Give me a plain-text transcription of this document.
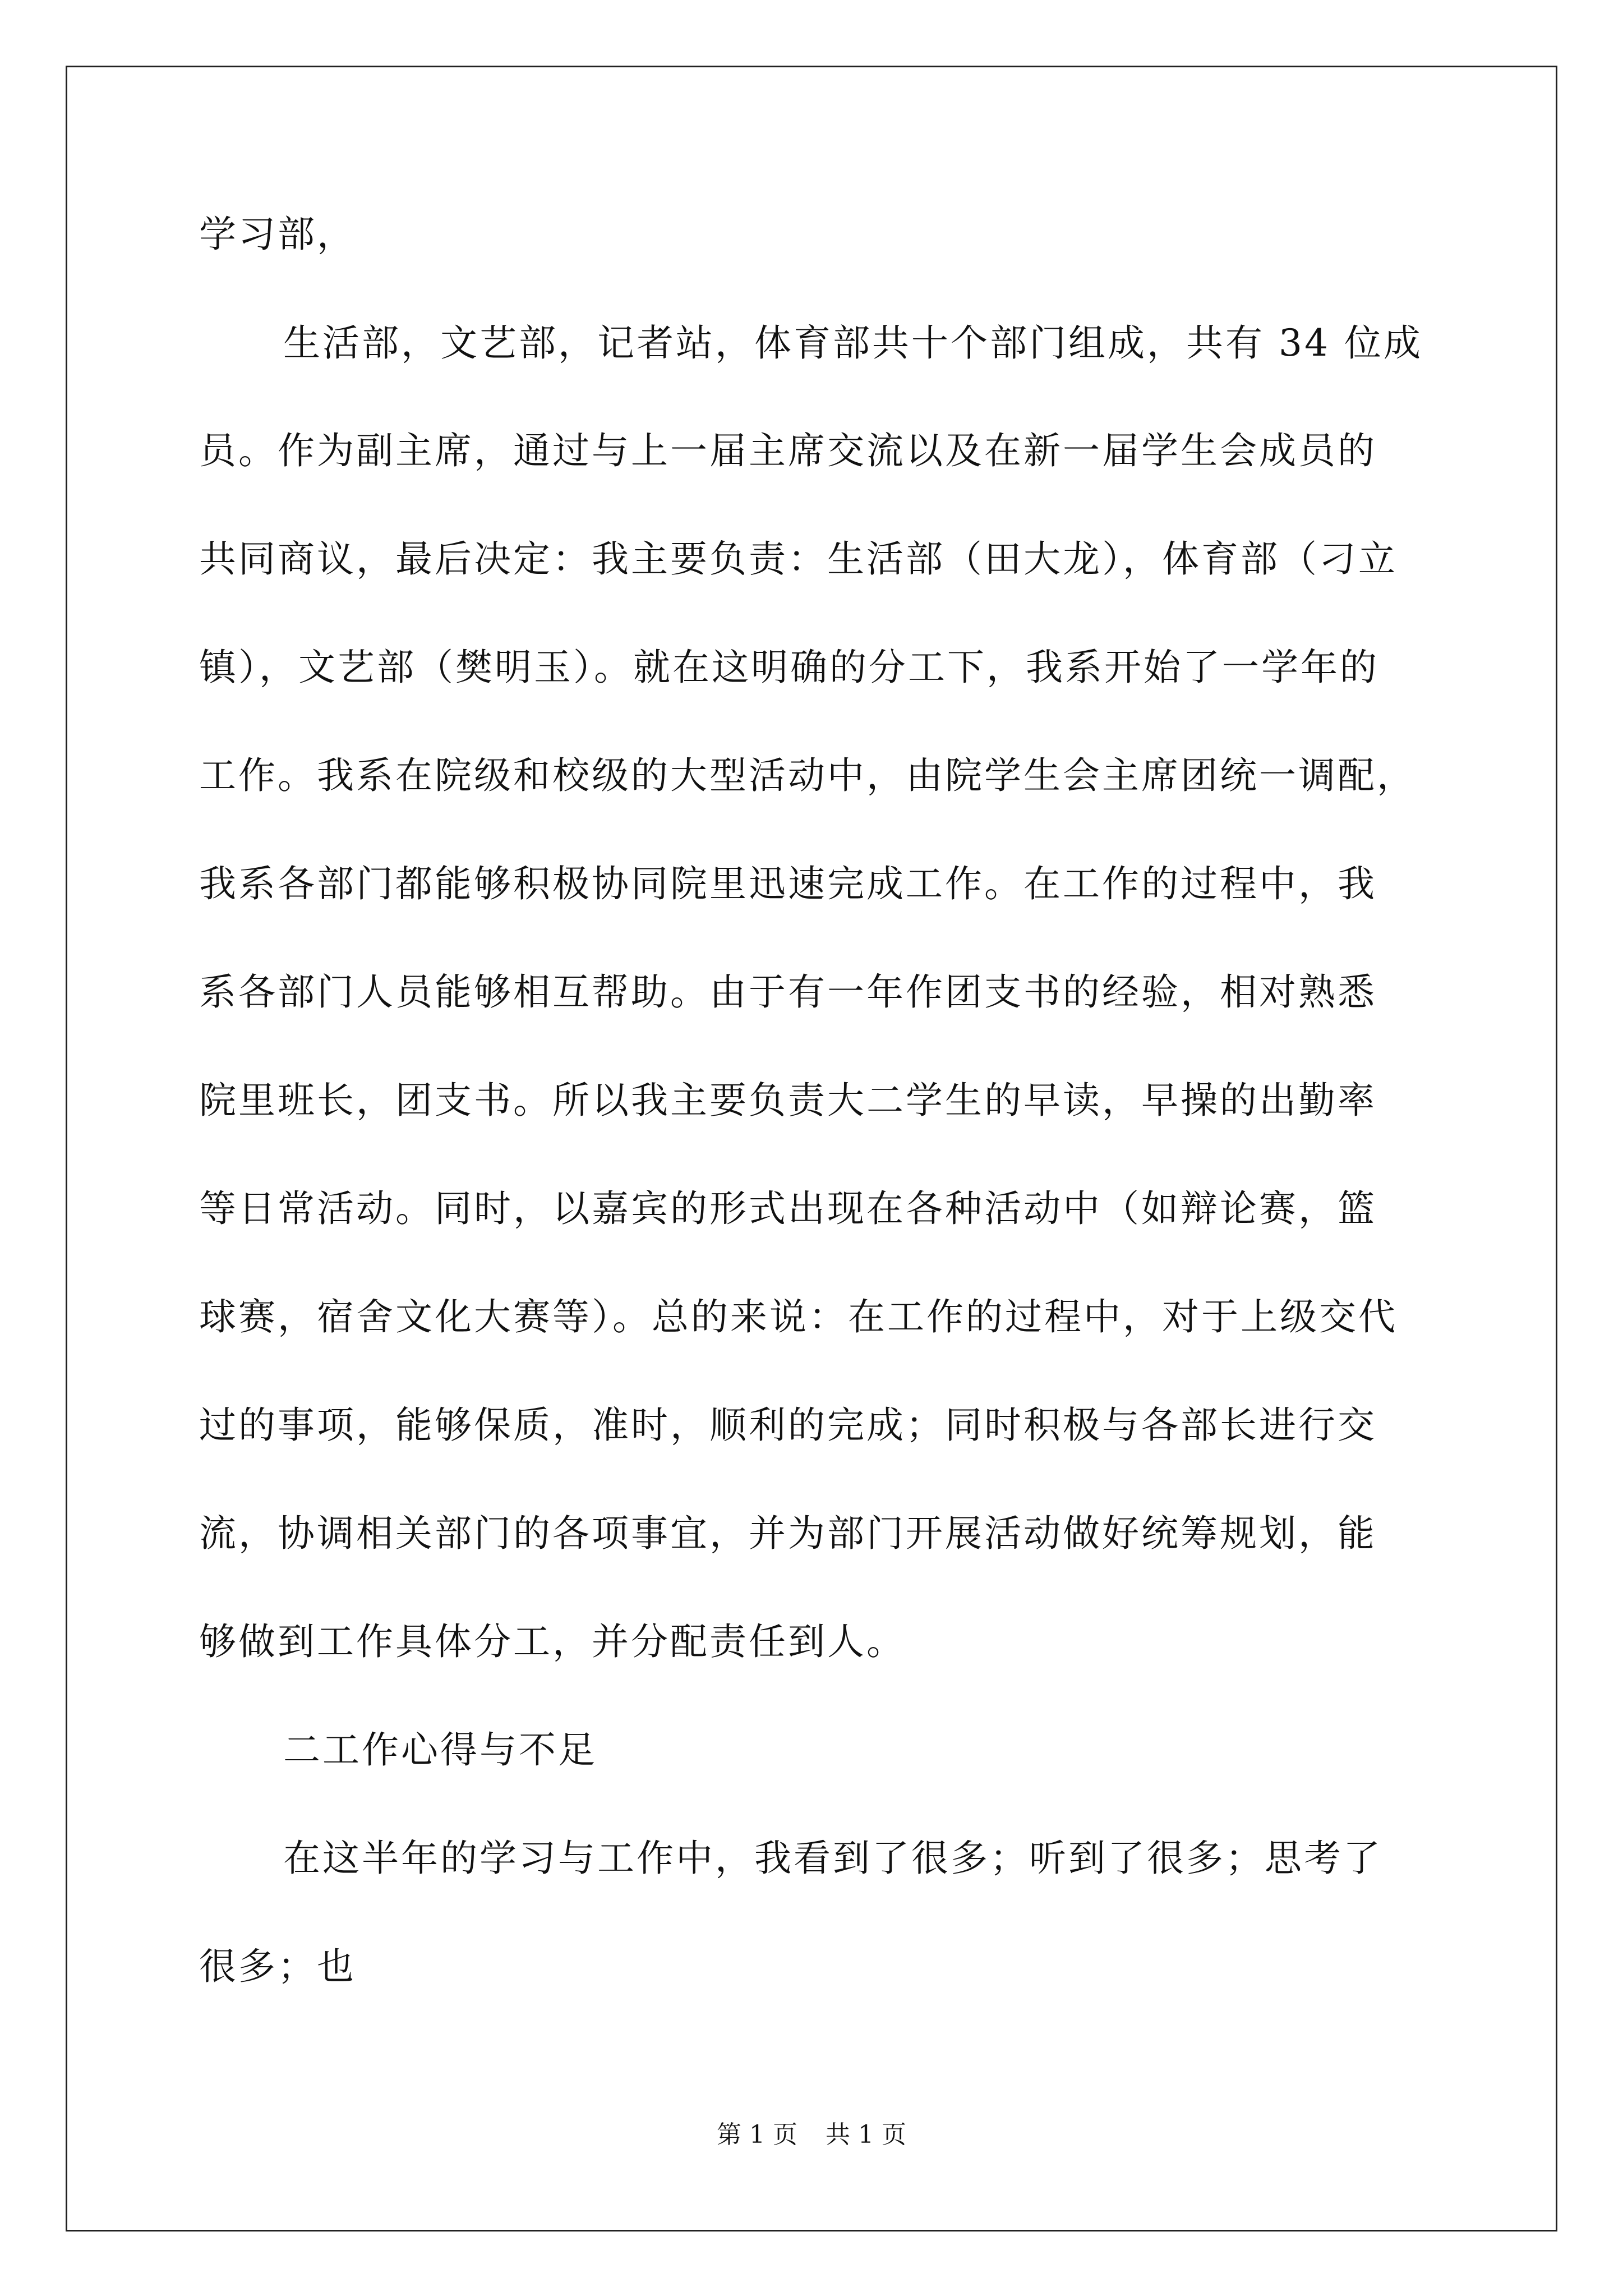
学习部，
生活部，文艺部，记者站，体育部共十个部门组成，共有 34 位成
员。作为副主席，通过与上一届主席交流以及在新一届学生会成员的
共同商议，最后决定：我主要负责：生活部（田大龙），体育部（刁立
镇），文艺部（樊明玉）。就在这明确的分工下，我系开始了一学年的
工作。我系在院级和校级的大型活动中，由院学生会主席团统一调配，
我系各部门都能够积极协同院里迅速完成工作。在工作的过程中，我
系各部门人员能够相互帮助。由于有一年作团支书的经验，相对熟悉
院里班长，团支书。所以我主要负责大二学生的早读，早操的出勤率
等日常活动。同时，以嘉宾的形式出现在各种活动中（如辩论赛，篮
球赛，宿舍文化大赛等）。总的来说：在工作的过程中，对于上级交代
过的事项，能够保质，准时，顺利的完成；同时积极与各部长进行交
流，协调相关部门的各项事宜，并为部门开展活动做好统筹规划，能
够做到工作具体分工，并分配责任到人。
二工作心得与不足
在这半年的学习与工作中，我看到了很多；听到了很多；思考了
很多；也
第 1 页 共 1 页
